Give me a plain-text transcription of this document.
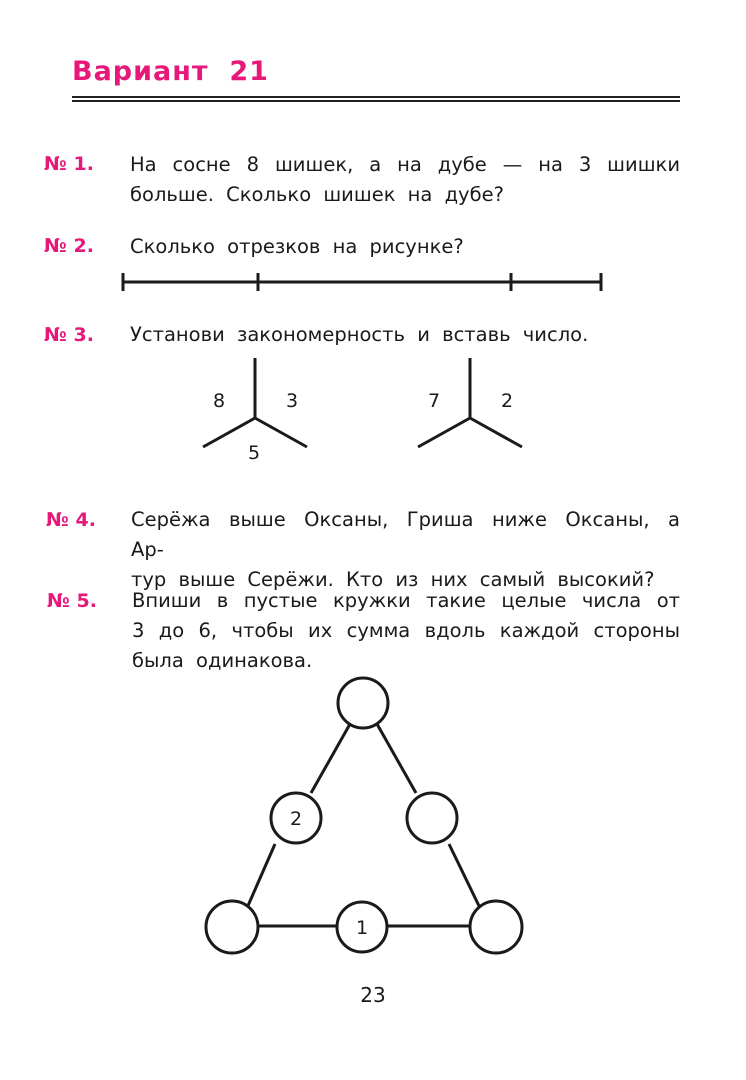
Вариант  21
№ 1. На сосне 8 шишек, а на дубе — на 3 шишки
больше. Сколько шишек на дубе?
№ 2. Сколько отрезков на рисунке?
№ 3. Установи закономерность и вставь число.
№ 4. Серёжа выше Оксаны, Гриша ниже Оксаны, а Ар-
тур выше Серёжи. Кто из них самый высокий?
№ 5. Впиши в пустые кружки такие целые числа от
3 до 6, чтобы их сумма вдоль каждой стороны
была одинакова.
8	3
5
7	2
2
1
23
